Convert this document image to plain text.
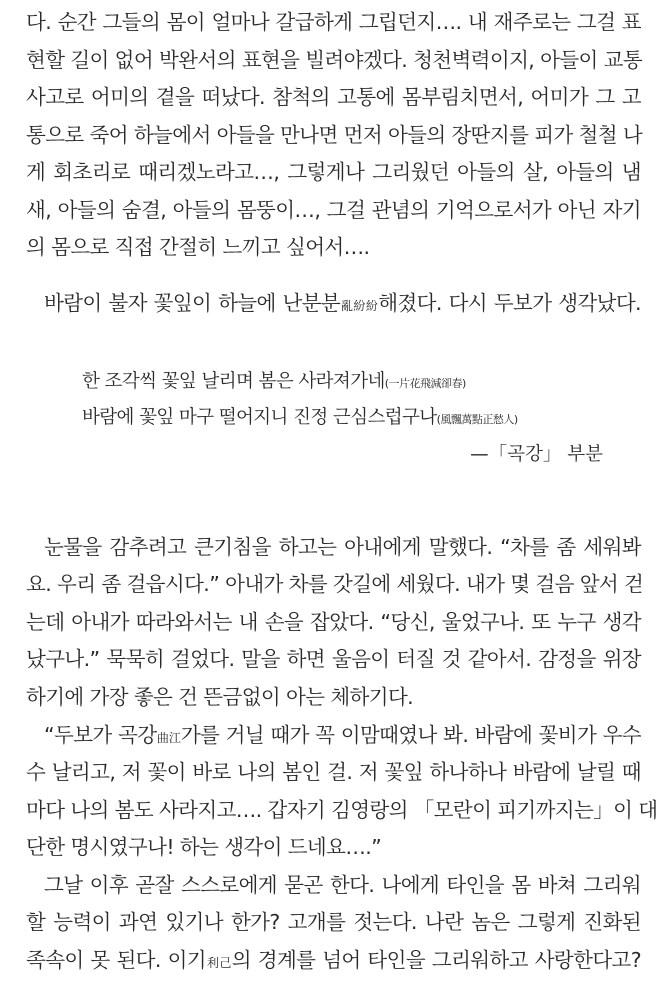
다. 순간 그들의 몸이 얼마나 갈급하게 그립던지…. 내 재주로는 그걸 표
현할 길이 없어 박완서의 표현을 빌려야겠다. 청천벽력이지, 아들이 교통
사고로 어미의 곁을 떠났다. 참척의 고통에 몸부림치면서, 어미가 그 고
통으로 죽어 하늘에서 아들을 만나면 먼저 아들의 장딴지를 피가 철철 나
게 회초리로 때리겠노라고…, 그렇게나 그리웠던 아들의 살, 아들의 냄
새, 아들의 숨결, 아들의 몸뚱이…, 그걸 관념의 기억으로서가 아닌 자기
의 몸으로 직접 간절히 느끼고 싶어서….
바람이 불자 꽃잎이 하늘에 난분분亂紛紛해졌다. 다시 두보가 생각났다.
한 조각씩 꽃잎 날리며 봄은 사라져가네(一片花飛減卻春)
바람에 꽃잎 마구 떨어지니 진정 근심스럽구나(風飄萬點正愁人)
—「곡강」 부분
눈물을 감추려고 큰기침을 하고는 아내에게 말했다. “차를 좀 세워봐
요. 우리 좀 걸읍시다.” 아내가 차를 갓길에 세웠다. 내가 몇 걸음 앞서 걷
는데 아내가 따라와서는 내 손을 잡았다. “당신, 울었구나. 또 누구 생각
났구나.” 묵묵히 걸었다. 말을 하면 울음이 터질 것 같아서. 감정을 위장
하기에 가장 좋은 건 뜬금없이 아는 체하기다.
“두보가 곡강曲江가를 거닐 때가 꼭 이맘때였나 봐. 바람에 꽃비가 우수
수 날리고, 저 꽃이 바로 나의 봄인 걸. 저 꽃잎 하나하나 바람에 날릴 때
마다 나의 봄도 사라지고…. 갑자기 김영랑의 「모란이 피기까지는」이 대
단한 명시였구나! 하는 생각이 드네요….”
그날 이후 곧잘 스스로에게 묻곤 한다. 나에게 타인을 몸 바쳐 그리워
할 능력이 과연 있기나 한가? 고개를 젓는다. 나란 놈은 그렇게 진화된
족속이 못 된다. 이기利己의 경계를 넘어 타인을 그리워하고 사랑한다고?
